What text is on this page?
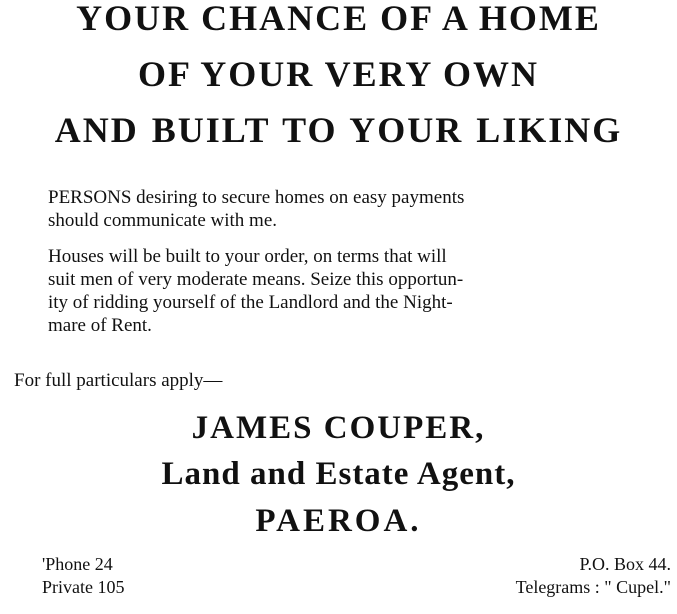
YOUR CHANCE OF A HOME
OF YOUR VERY OWN
AND BUILT TO YOUR LIKING
PERSONS desiring to secure homes on easy payments
should communicate with me.
Houses will be built to your order, on terms that will
suit men of very moderate means. Seize this opportun-
ity of ridding yourself of the Landlord and the Night-
mare of Rent.
For full particulars apply—
JAMES COUPER,
Land and Estate Agent,
PAEROA.
'Phone 24
Private 105
P.O. Box 44.
Telegrams : " Cupel."
